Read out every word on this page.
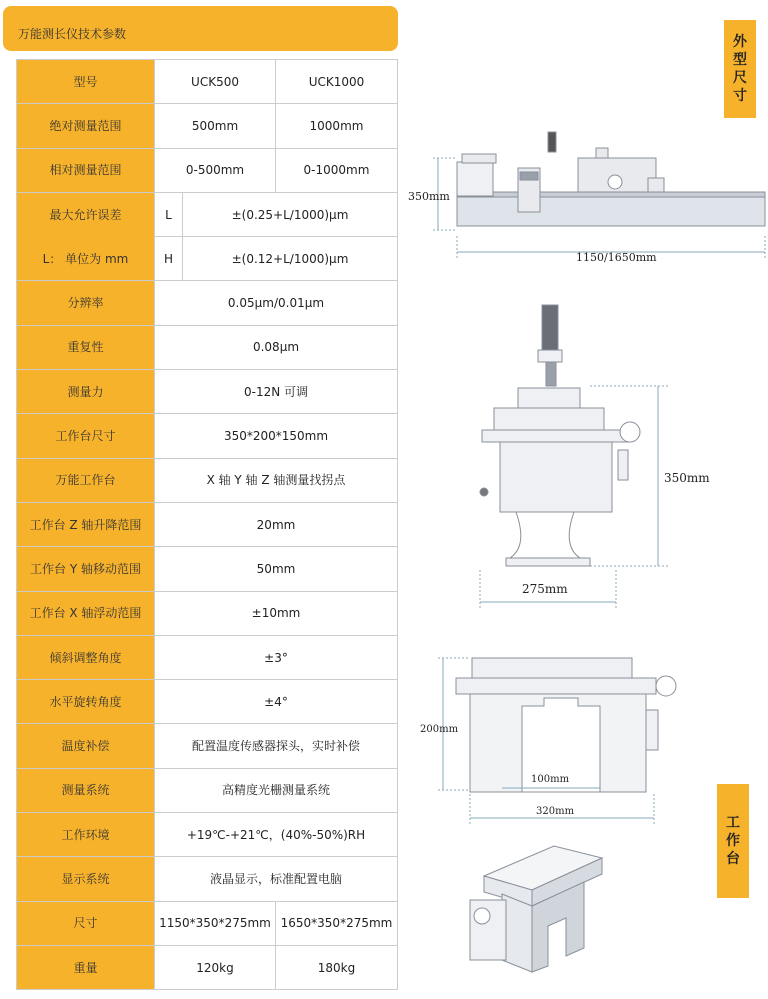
万能测长仪技术参数
型号	UCK500		UCK1000
绝对测量范围	500mm		1000mm
相对测量范围	0-500mm		0-1000mm
最大允许误差	L	±(0.25+L/1000)μm	
L： 单位为 mm	H	±(0.12+L/1000)μm	
分辨率	0.05μm/0.01μm		
重复性	0.08μm		
测量力	0-12N 可调		
工作台尺寸	350*200*150mm		
万能工作台	X 轴 Y 轴 Z 轴测量找拐点		
工作台 Z 轴升降范围	20mm		
工作台 Y 轴移动范围	50mm		
工作台 X 轴浮动范围	±10mm		
倾斜调整角度	±3°		
水平旋转角度	±4°		
温度补偿	配置温度传感器探头，实时补偿		
测量系统	高精度光栅测量系统		
工作环境	+19℃-+21℃，(40%-50%)RH		
显示系统	液晶显示，标准配置电脑		
尺寸	1150*350*275mm		1650*350*275mm
重量	120kg		180kg
外
型
尺
寸
工
作
台
350mm
1150/1650mm
350mm
275mm
200mm
100mm
320mm
